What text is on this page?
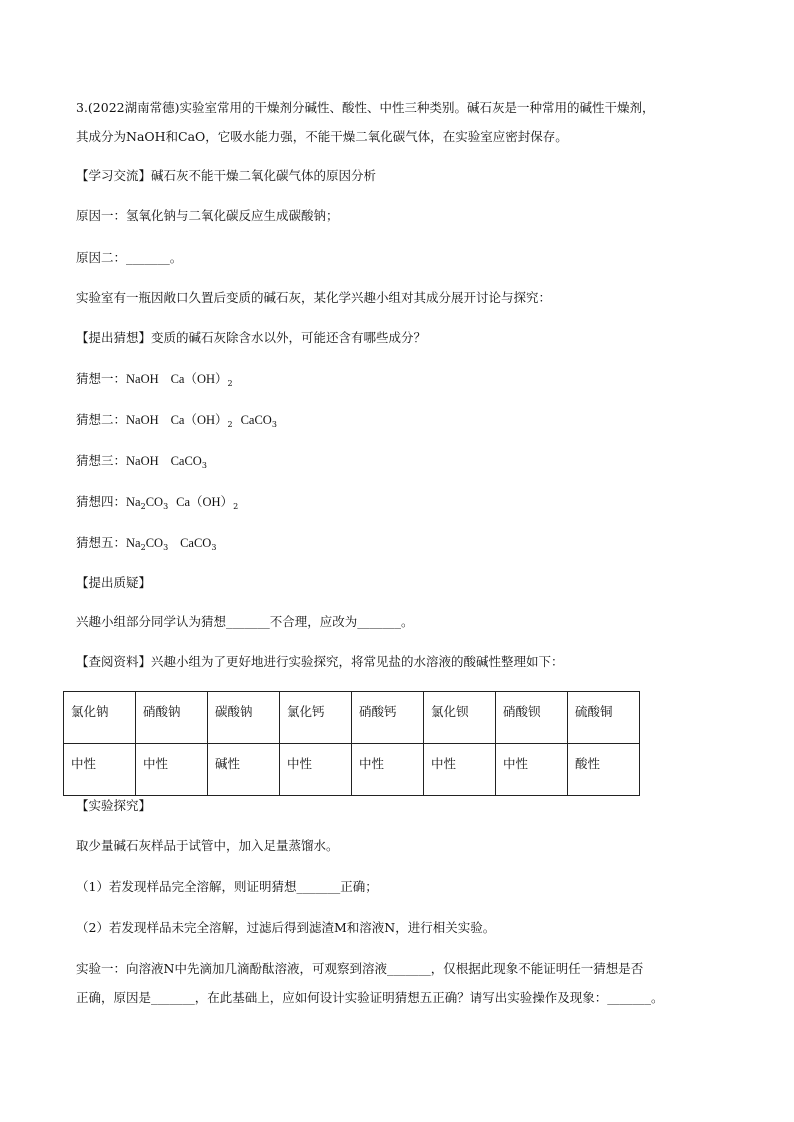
3.(2022湖南常德)实验室常用的干燥剂分碱性、酸性、中性三种类别。碱石灰是一种常用的碱性干燥剂，
其成分为NaOH和CaO，它吸水能力强，不能干燥二氧化碳气体，在实验室应密封保存。
【学习交流】碱石灰不能干燥二氧化碳气体的原因分析
原因一：氢氧化钠与二氧化碳反应生成碳酸钠；
原因二：_______。
实验室有一瓶因敞口久置后变质的碱石灰，某化学兴趣小组对其成分展开讨论与探究：
【提出猜想】变质的碱石灰除含水以外，可能还含有哪些成分？
猜想一：NaOH $Ca(OH)_2$
猜想二：NaOH $Ca(OH)_2$ CaCO$_3$
猜想三：NaOH CaCO$_3$
猜想四：$Na_2CO_3$ $Ca(OH)_2$
猜想五：$Na_2CO_3$ CaCO$_3$
【提出质疑】
兴趣小组部分同学认为猜想_______不合理，应改为_______。
【查阅资料】兴趣小组为了更好地进行实验探究，将常见盐的水溶液的酸碱性整理如下：
氯化钠	硝酸钠	碳酸钠	氯化钙	硝酸钙	氯化钡	硝酸钡	硫酸铜
中性	中性	碱性	中性	中性	中性	中性	酸性
【实验探究】
取少量碱石灰样品于试管中，加入足量蒸馏水。
（1）若发现样品完全溶解，则证明猜想_______正确；
（2）若发现样品未完全溶解，过滤后得到滤渣M和溶液N，进行相关实验。
实验一：向溶液N中先滴加几滴酚酞溶液，可观察到溶液_______，仅根据此现象不能证明任一猜想是否
正确，原因是_______，在此基础上，应如何设计实验证明猜想五正确？请写出实验操作及现象：_______。
